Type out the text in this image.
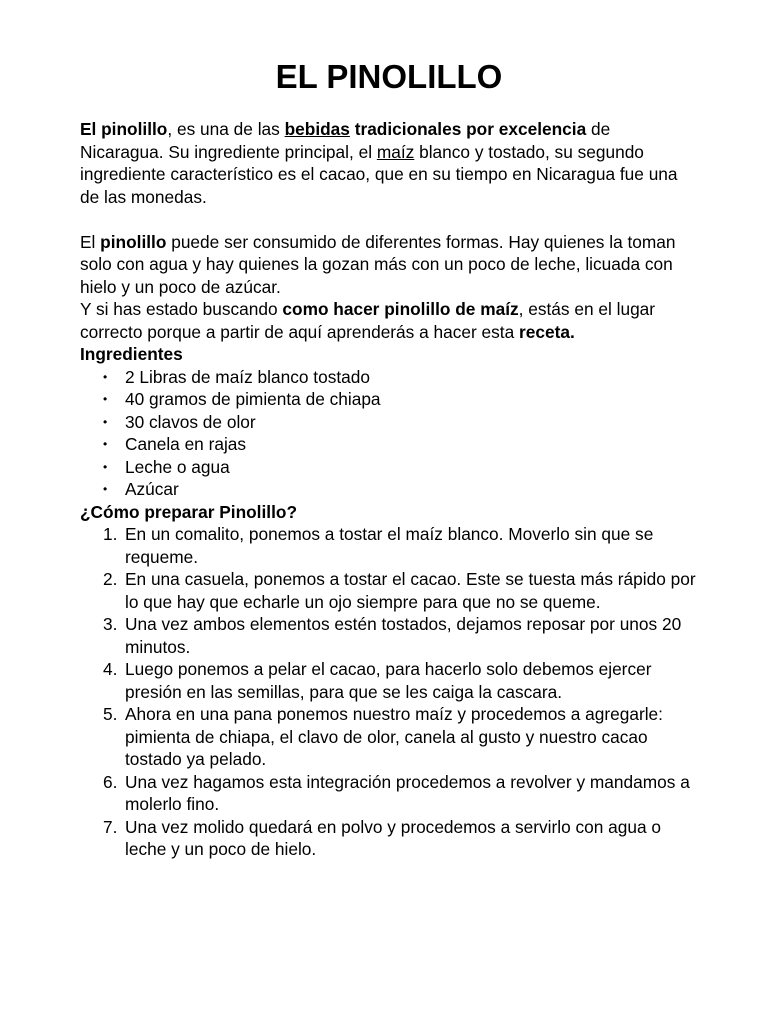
EL PINOLILLO

El pinolillo, es una de las bebidas tradicionales por excelencia de Nicaragua. Su ingrediente principal, el maíz blanco y tostado, su segundo ingrediente característico es el cacao, que en su tiempo en Nicaragua fue una de las monedas.

El pinolillo puede ser consumido de diferentes formas. Hay quienes la toman solo con agua y hay quienes la gozan más con un poco de leche, licuada con hielo y un poco de azúcar.

Y si has estado buscando como hacer pinolillo de maíz, estás en el lugar correcto porque a partir de aquí aprenderás a hacer esta receta.

Ingredientes

• 2 Libras de maíz blanco tostado
• 40 gramos de pimienta de chiapa
• 30 clavos de olor
• Canela en rajas
• Leche o agua
• Azúcar

¿Cómo preparar Pinolillo?

1. En un comalito, ponemos a tostar el maíz blanco. Moverlo sin que se requeme.
2. En una casuela, ponemos a tostar el cacao. Este se tuesta más rápido por lo que hay que echarle un ojo siempre para que no se queme.
3. Una vez ambos elementos estén tostados, dejamos reposar por unos 20 minutos.
4. Luego ponemos a pelar el cacao, para hacerlo solo debemos ejercer presión en las semillas, para que se les caiga la cascara.
5. Ahora en una pana ponemos nuestro maíz y procedemos a agregarle: pimienta de chiapa, el clavo de olor, canela al gusto y nuestro cacao tostado ya pelado.
6. Una vez hagamos esta integración procedemos a revolver y mandamos a molerlo fino.
7. Una vez molido quedará en polvo y procedemos a servirlo con agua o leche y un poco de hielo.
